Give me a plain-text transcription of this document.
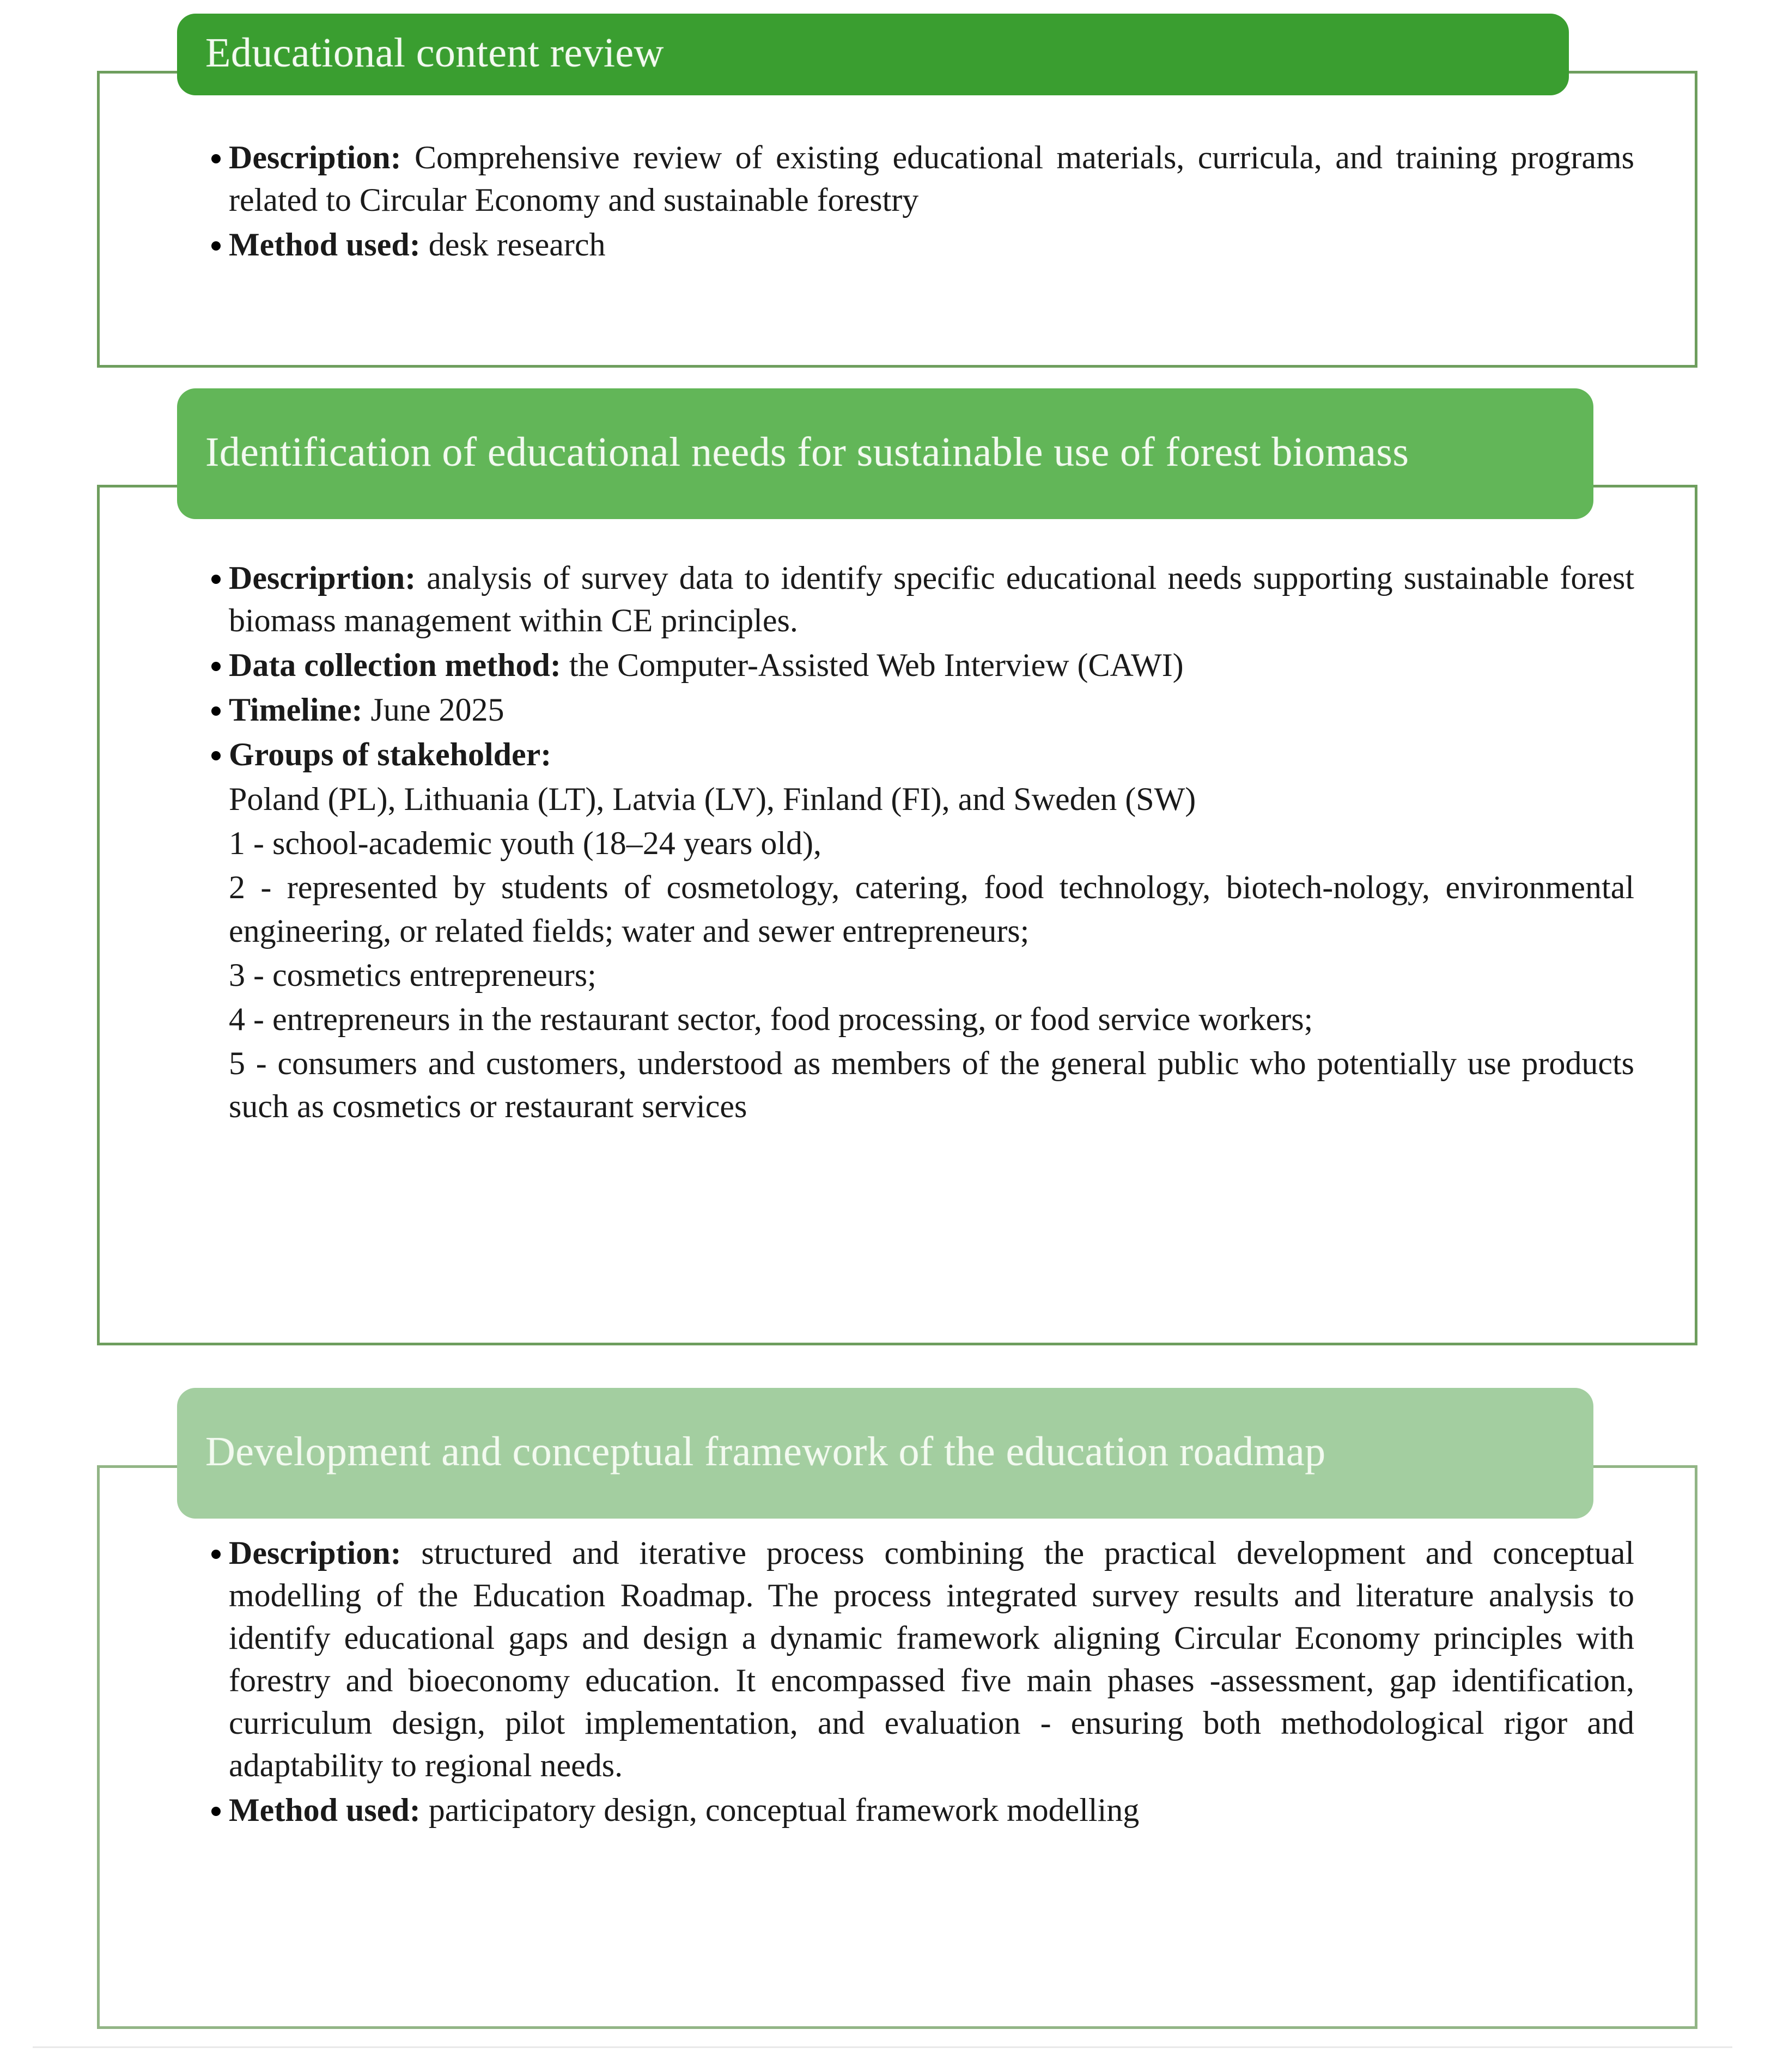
Educational content review
Description: Comprehensive review of existing educational materials, curricula, and training programs related to Circular Economy and sustainable forestry
Method used: desk research
Identification of educational needs for sustainable use of forest biomass
Descriprtion: analysis of survey data to identify specific educational needs supporting sustainable forest biomass management within CE principles.
Data collection method: the Computer-Assisted Web Interview (CAWI)
Timeline: June 2025
Groups of stakeholder:

Poland (PL), Lithuania (LT), Latvia (LV), Finland (FI), and Sweden (SW)

1 - school-academic youth (18–24 years old),

2 - represented by students of cosmetology, catering, food technology, biotech-nology, environmental engineering, or related fields; water and sewer entrepreneurs;

3 - cosmetics entrepreneurs;

4 - entrepreneurs in the restaurant sector, food processing, or food service workers;

5 - consumers and customers, understood as members of the general public who potentially use products such as cosmetics or restaurant services

Development and conceptual framework of the education roadmap
Description: structured and iterative process combining the practical development and conceptual modelling of the Education Roadmap. The process integrated survey results and literature analysis to identify educational gaps and design a dynamic framework aligning Circular Economy principles with forestry and bioeconomy education. It encompassed five main phases -assessment, gap identification, curriculum design, pilot implementation, and evaluation - ensuring both methodological rigor and adaptability to regional needs.
Method used: participatory design, conceptual framework modelling
